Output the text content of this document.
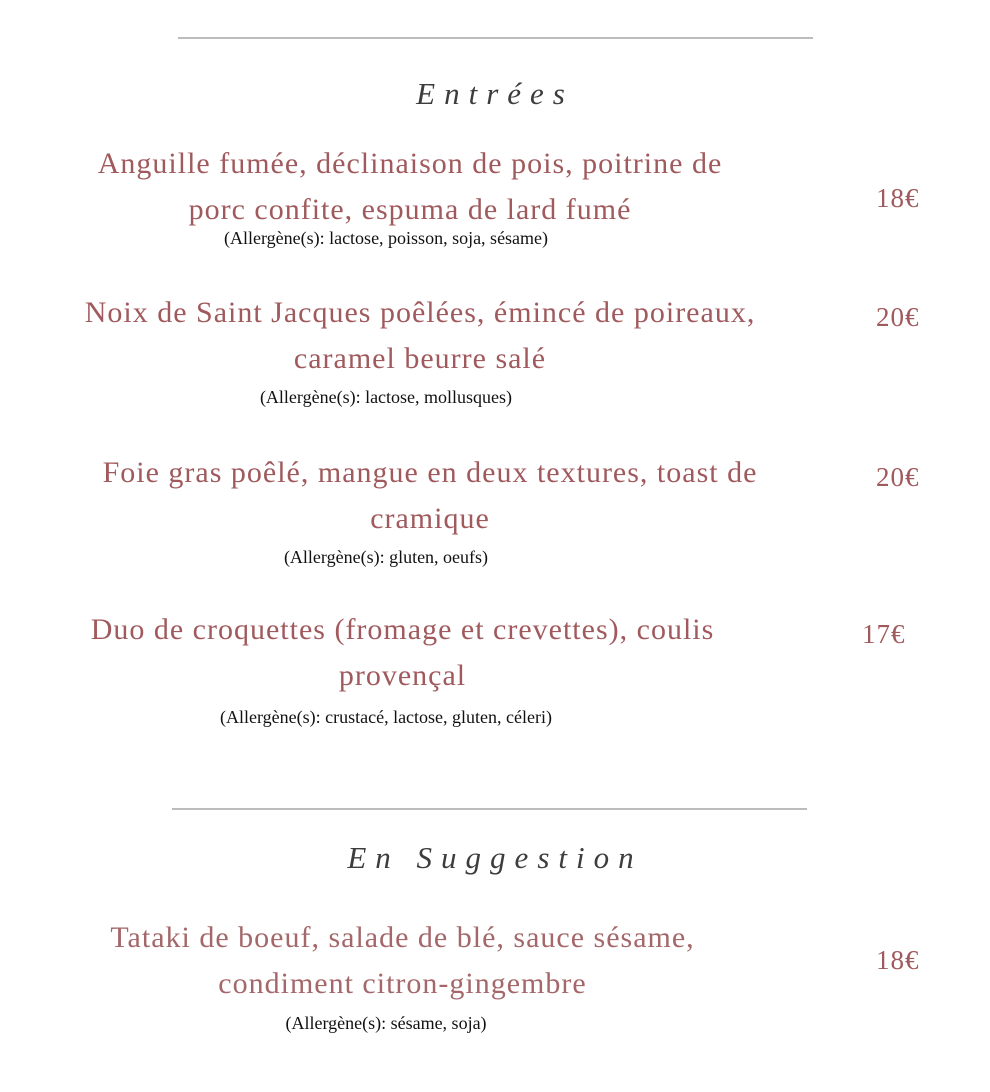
Entrées
Anguille fumée, déclinaison de pois, poitrine de
porc confite, espuma de lard fumé
(Allergène(s): lactose, poisson, soja, sésame)
18€
Noix de Saint Jacques poêlées, émincé de poireaux,
caramel beurre salé
(Allergène(s): lactose, mollusques)
20€
Foie gras poêlé, mangue en deux textures, toast de
cramique
(Allergène(s): gluten, oeufs)
20€
Duo de croquettes (fromage et crevettes), coulis
provençal
(Allergène(s): crustacé, lactose, gluten, céleri)
17€
En Suggestion
Tataki de boeuf, salade de blé, sauce sésame,
condiment citron-gingembre
(Allergène(s): sésame, soja)
18€
